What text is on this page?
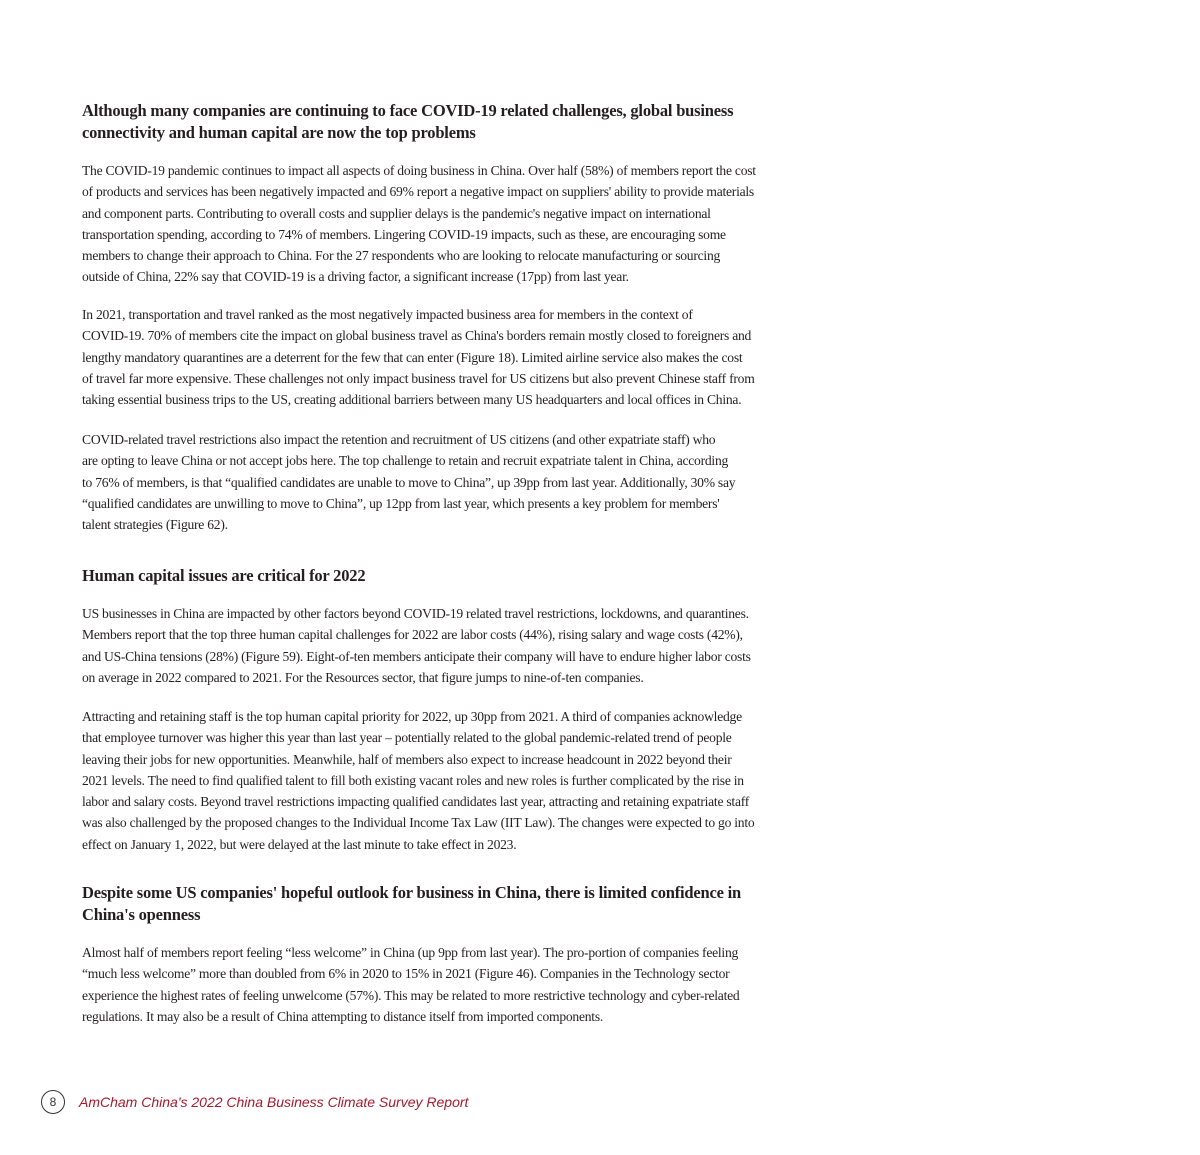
Although many companies are continuing to face COVID-19 related challenges, global business
connectivity and human capital are now the top problems
The COVID-19 pandemic continues to impact all aspects of doing business in China. Over half (58%) of members report the cost
of products and services has been negatively impacted and 69% report a negative impact on suppliers' ability to provide materials
and component parts. Contributing to overall costs and supplier delays is the pandemic's negative impact on international
transportation spending, according to 74% of members. Lingering COVID-19 impacts, such as these, are encouraging some
members to change their approach to China. For the 27 respondents who are looking to relocate manufacturing or sourcing
outside of China, 22% say that COVID-19 is a driving factor, a significant increase (17pp) from last year.
In 2021, transportation and travel ranked as the most negatively impacted business area for members in the context of
COVID-19. 70% of members cite the impact on global business travel as China's borders remain mostly closed to foreigners and
lengthy mandatory quarantines are a deterrent for the few that can enter (Figure 18). Limited airline service also makes the cost
of travel far more expensive. These challenges not only impact business travel for US citizens but also prevent Chinese staff from
taking essential business trips to the US, creating additional barriers between many US headquarters and local offices in China.
COVID-related travel restrictions also impact the retention and recruitment of US citizens (and other expatriate staff) who
are opting to leave China or not accept jobs here. The top challenge to retain and recruit expatriate talent in China, according
to 76% of members, is that “qualified candidates are unable to move to China”, up 39pp from last year. Additionally, 30% say
“qualified candidates are unwilling to move to China”, up 12pp from last year, which presents a key problem for members'
talent strategies (Figure 62).
Human capital issues are critical for 2022
US businesses in China are impacted by other factors beyond COVID-19 related travel restrictions, lockdowns, and quarantines.
Members report that the top three human capital challenges for 2022 are labor costs (44%), rising salary and wage costs (42%),
and US-China tensions (28%) (Figure 59). Eight-of-ten members anticipate their company will have to endure higher labor costs
on average in 2022 compared to 2021. For the Resources sector, that figure jumps to nine-of-ten companies.
Attracting and retaining staff is the top human capital priority for 2022, up 30pp from 2021. A third of companies acknowledge
that employee turnover was higher this year than last year – potentially related to the global pandemic-related trend of people
leaving their jobs for new opportunities. Meanwhile, half of members also expect to increase headcount in 2022 beyond their
2021 levels. The need to find qualified talent to fill both existing vacant roles and new roles is further complicated by the rise in
labor and salary costs. Beyond travel restrictions impacting qualified candidates last year, attracting and retaining expatriate staff
was also challenged by the proposed changes to the Individual Income Tax Law (IIT Law). The changes were expected to go into
effect on January 1, 2022, but were delayed at the last minute to take effect in 2023.
Despite some US companies' hopeful outlook for business in China, there is limited confidence in
China's openness
Almost half of members report feeling “less welcome” in China (up 9pp from last year). The pro-portion of companies feeling
“much less welcome” more than doubled from 6% in 2020 to 15% in 2021 (Figure 46). Companies in the Technology sector
experience the highest rates of feeling unwelcome (57%). This may be related to more restrictive technology and cyber-related
regulations. It may also be a result of China attempting to distance itself from imported components.
8	AmCham China's 2022 China Business Climate Survey Report
